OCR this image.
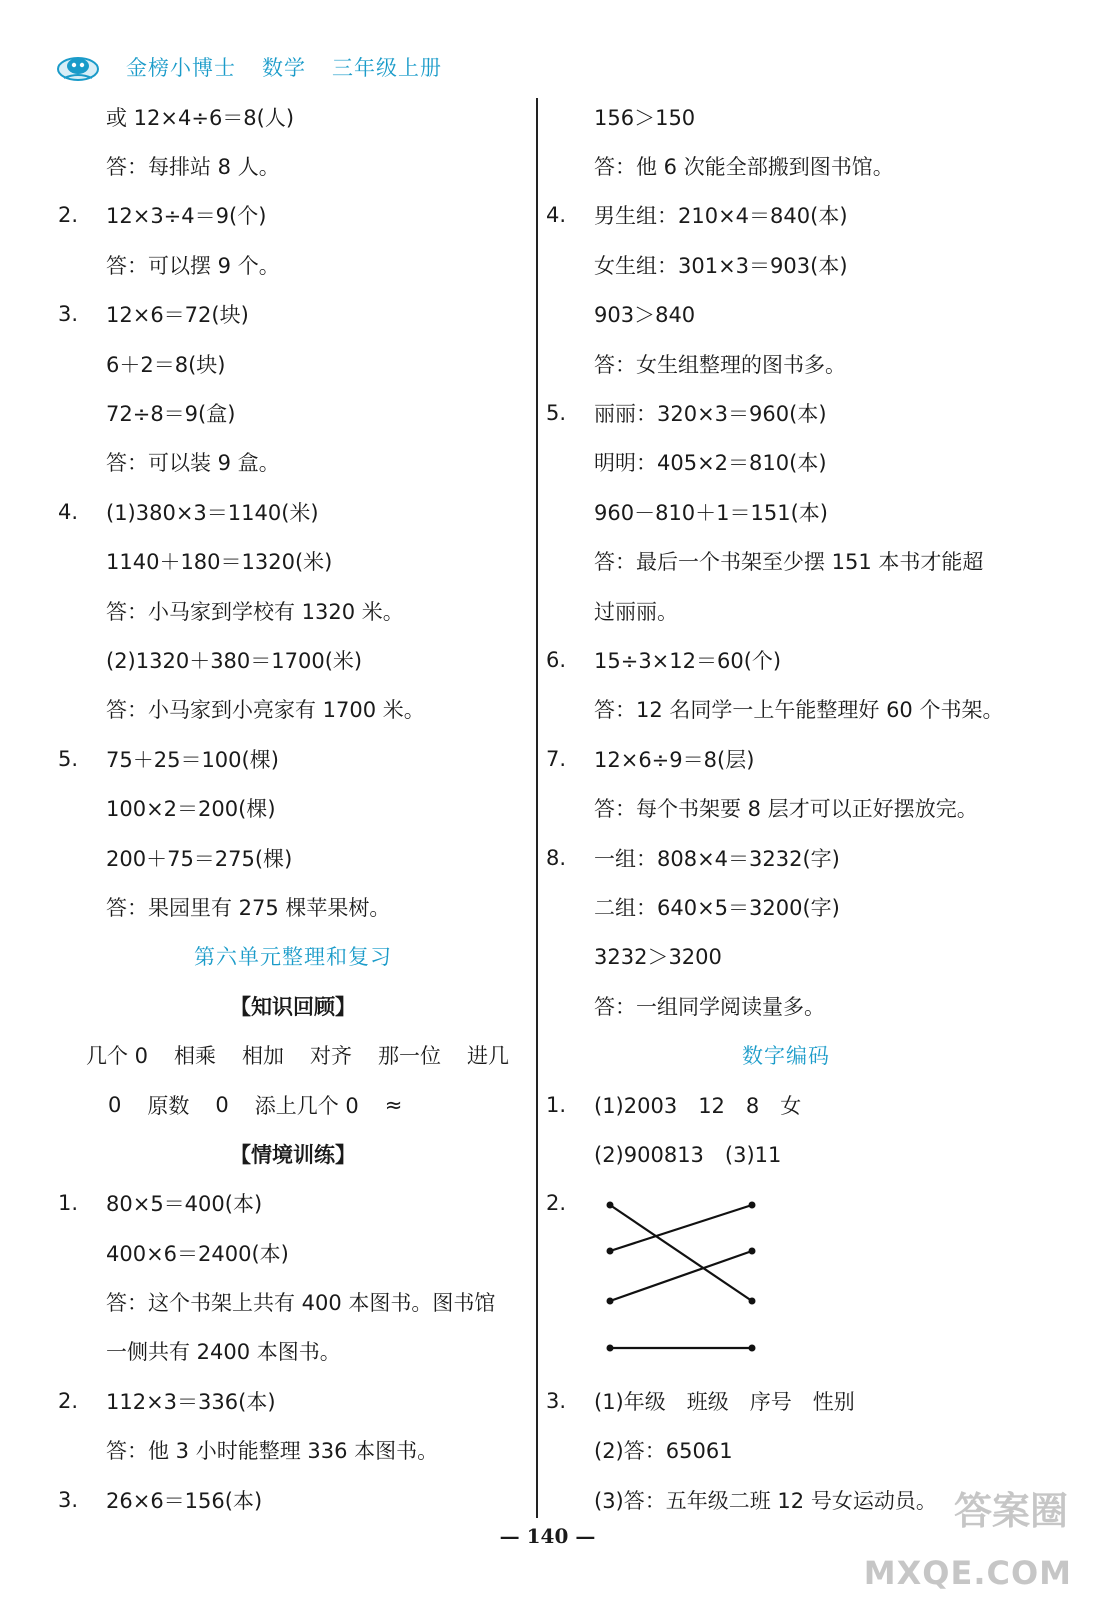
金榜小博士 数学 三年级上册
或 12×4÷6＝8(人)
答：每排站 8 人。
2.	12×3÷4＝9(个)
答：可以摆 9 个。
3.	12×6＝72(块)
6＋2＝8(块)
72÷8＝9(盒)
答：可以装 9 盒。
4.	(1)380×3＝1140(米)
1140＋180＝1320(米)
答：小马家到学校有 1320 米。
(2)1320＋380＝1700(米)
答：小马家到小亮家有 1700 米。
5.	75＋25＝100(棵)
100×2＝200(棵)
200＋75＝275(棵)
答：果园里有 275 棵苹果树。
第六单元整理和复习
【知识回顾】
几个 0 相乘 相加 对齐 那一位 进几
0 原数 0 添上几个 0 ≈
【情境训练】
1.	80×5＝400(本)
400×6＝2400(本)
答：这个书架上共有 400 本图书。图书馆
一侧共有 2400 本图书。
2.	112×3＝336(本)
答：他 3 小时能整理 336 本图书。
3.	26×6＝156(本)
156＞150
答：他 6 次能全部搬到图书馆。
4.	男生组：210×4＝840(本)
女生组：301×3＝903(本)
903＞840
答：女生组整理的图书多。
5.	丽丽：320×3＝960(本)
明明：405×2＝810(本)
960－810＋1＝151(本)
答：最后一个书架至少摆 151 本书才能超
过丽丽。
6.	15÷3×12＝60(个)
答：12 名同学一上午能整理好 60 个书架。
7.	12×6÷9＝8(层)
答：每个书架要 8 层才可以正好摆放完。
8.	一组：808×4＝3232(字)
二组：640×5＝3200(字)
3232＞3200
答：一组同学阅读量多。
数字编码
1.	(1)2003　12　8　女
(2)900813　(3)11
2.
3.	(1)年级　班级　序号　性别
(2)答：65061
(3)答：五年级二班 12 号女运动员。
— 140 —
答案圈
MXQE.COM
